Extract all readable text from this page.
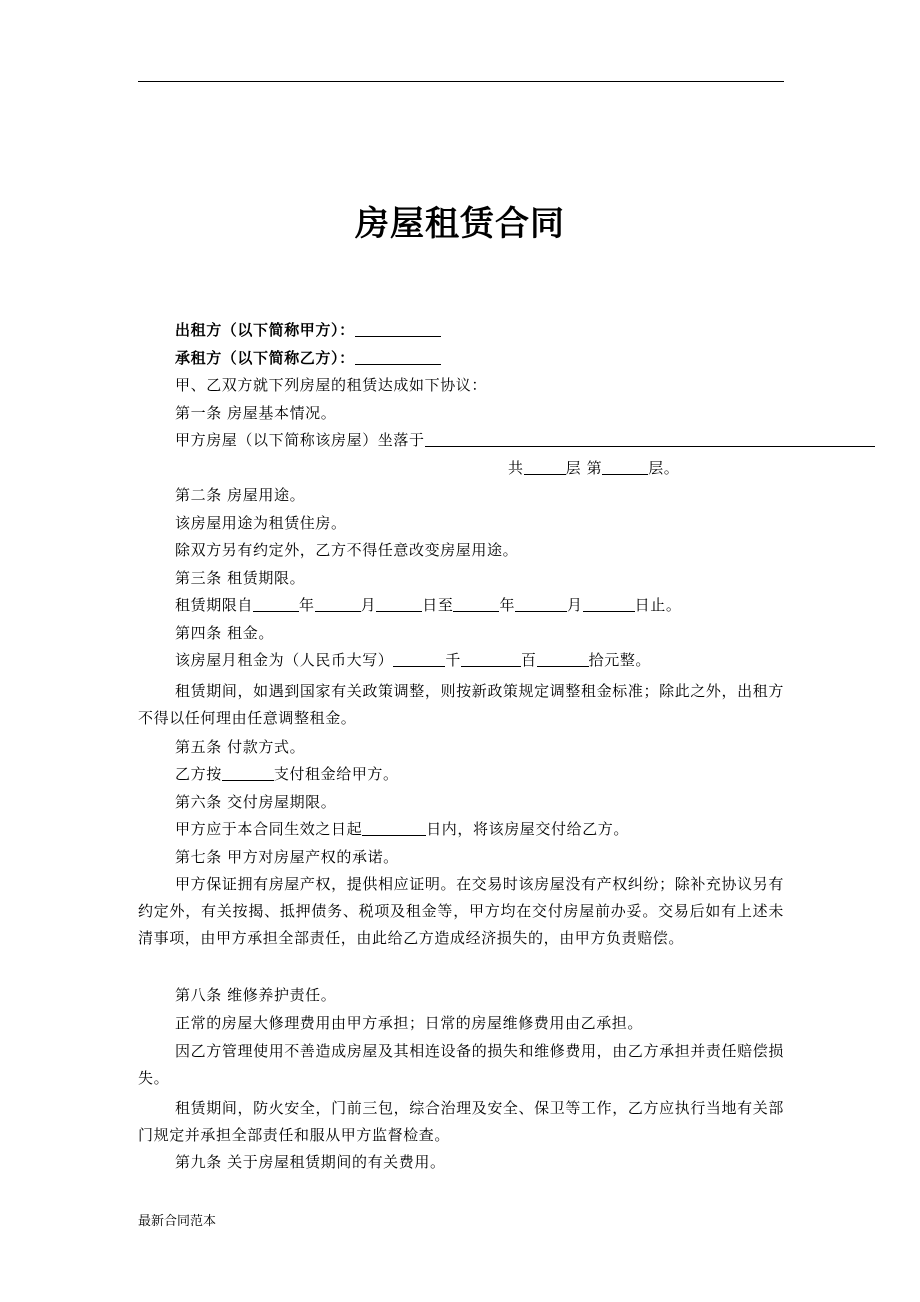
房屋租赁合同
出租方（以下简称甲方）：
承租方（以下简称乙方）：
甲、乙双方就下列房屋的租赁达成如下协议：
第一条 房屋基本情况。
甲方房屋（以下简称该房屋）坐落于
共	层 第	层。
第二条 房屋用途。
该房屋用途为租赁住房。
除双方另有约定外，乙方不得任意改变房屋用途。
第三条 租赁期限。
租赁期限自	年	月	日至	年	月	日止。
第四条 租金。
该房屋月租金为（人民币大写）	千	百	拾元整。
租赁期间，如遇到国家有关政策调整，则按新政策规定调整租金标准；除此之外，出租方不得以任何理由任意调整租金。
第五条 付款方式。
乙方按	支付租金给甲方。
第六条 交付房屋期限。
甲方应于本合同生效之日起	日内，将该房屋交付给乙方。
第七条 甲方对房屋产权的承诺。
甲方保证拥有房屋产权，提供相应证明。在交易时该房屋没有产权纠纷；除补充协议另有约定外，有关按揭、抵押债务、税项及租金等，甲方均在交付房屋前办妥。交易后如有上述未清事项，由甲方承担全部责任，由此给乙方造成经济损失的，由甲方负责赔偿。
第八条 维修养护责任。
正常的房屋大修理费用由甲方承担；日常的房屋维修费用由乙承担。
因乙方管理使用不善造成房屋及其相连设备的损失和维修费用，由乙方承担并责任赔偿损失。
租赁期间，防火安全，门前三包，综合治理及安全、保卫等工作，乙方应执行当地有关部门规定并承担全部责任和服从甲方监督检查。
第九条 关于房屋租赁期间的有关费用。
最新合同范本
